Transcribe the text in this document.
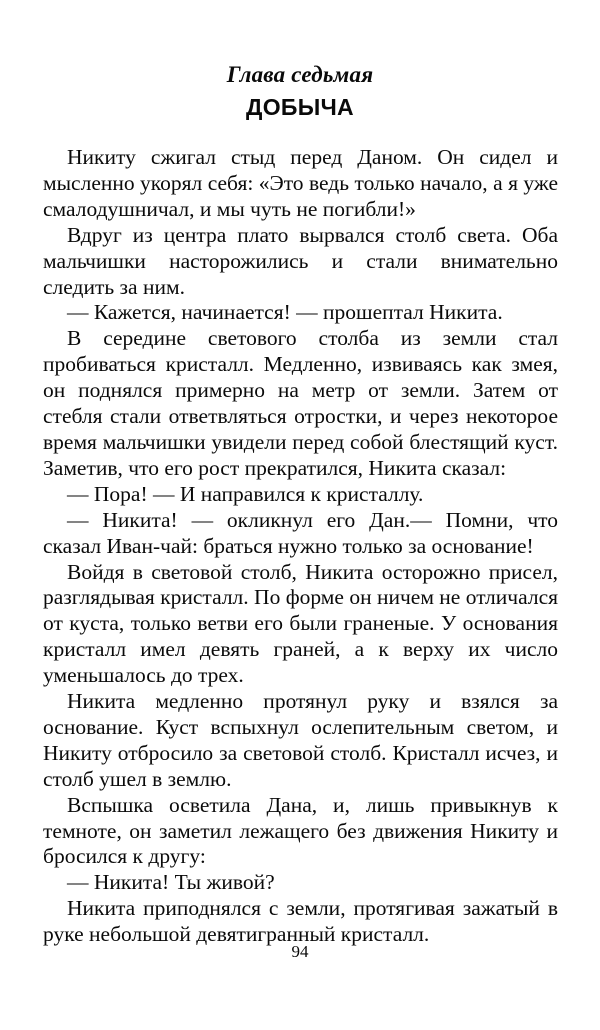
Глава седьмая
ДОБЫЧА

Никиту сжигал стыд перед Даном. Он сидел и мысленно укорял себя: «Это ведь только начало, а я уже смалодушничал, и мы чуть не погибли!»

Вдруг из центра плато вырвался столб света. Оба мальчишки насторожились и стали внимательно следить за ним.

— Кажется, начинается! — прошептал Никита.

В середине светового столба из земли стал пробиваться кристалл. Медленно, извиваясь как змея, он поднялся примерно на метр от земли. Затем от стебля стали ответвляться отростки, и через некоторое время мальчишки увидели перед собой блестящий куст. Заметив, что его рост прекратился, Никита сказал:

— Пора! — И направился к кристаллу.

— Никита! — окликнул его Дан.— Помни, что сказал Иван-чай: браться нужно только за основание!

Войдя в световой столб, Никита осторожно присел, разглядывая кристалл. По форме он ничем не отличался от куста, только ветви его были граненые. У основания кристалл имел девять граней, а к верху их число уменьшалось до трех.

Никита медленно протянул руку и взялся за основание. Куст вспыхнул ослепительным светом, и Никиту отбросило за световой столб. Кристалл исчез, и столб ушел в землю.

Вспышка осветила Дана, и, лишь привыкнув к темноте, он заметил лежащего без движения Никиту и бросился к другу:

— Никита! Ты живой?

Никита приподнялся с земли, протягивая зажатый в руке небольшой девятигранный кристалл.

94
